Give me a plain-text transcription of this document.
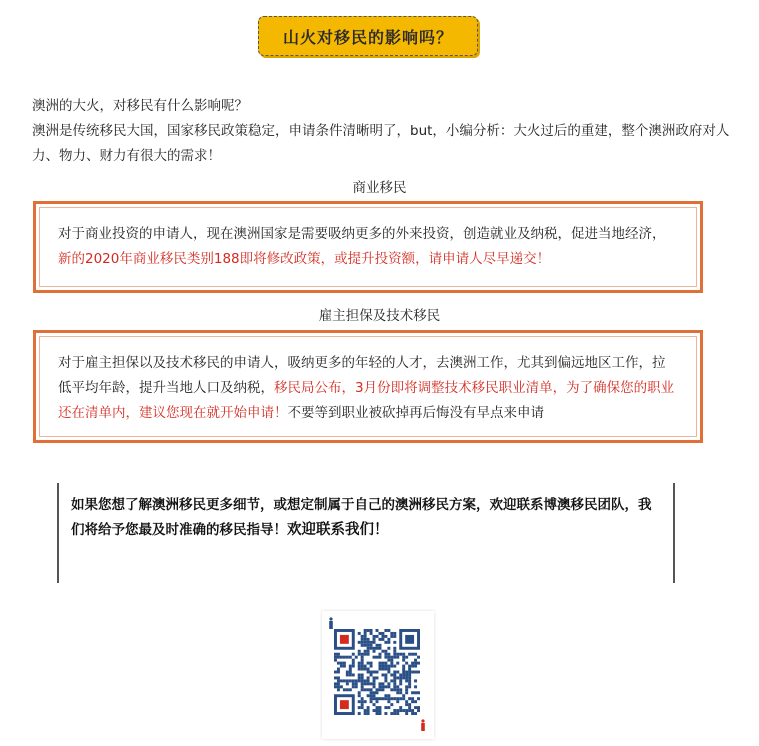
山火对移民的影响吗？

澳洲的大火，对移民有什么影响呢？

澳洲是传统移民大国，国家移民政策稳定，申请条件清晰明了，but，小编分析：大火过后的重建，整个澳洲政府对人力、物力、财力有很大的需求！

商业移民
对于商业投资的申请人，现在澳洲国家是需要吸纳更多的外来投资，创造就业及纳税，促进当地经济，新的2020年商业移民类别188即将修改政策，或提升投资额，请申请人尽早递交！
雇主担保及技术移民
对于雇主担保以及技术移民的申请人，吸纳更多的年轻的人才，去澳洲工作，尤其到偏远地区工作，拉低平均年龄，提升当地人口及纳税，移民局公布，3月份即将调整技术移民职业清单，为了确保您的职业还在清单内，建议您现在就开始申请！不要等到职业被砍掉再后悔没有早点来申请
如果您想了解澳洲移民更多细节，或想定制属于自己的澳洲移民方案，欢迎联系博澳移民团队，我们将给予您最及时准确的移民指导！欢迎联系我们！
